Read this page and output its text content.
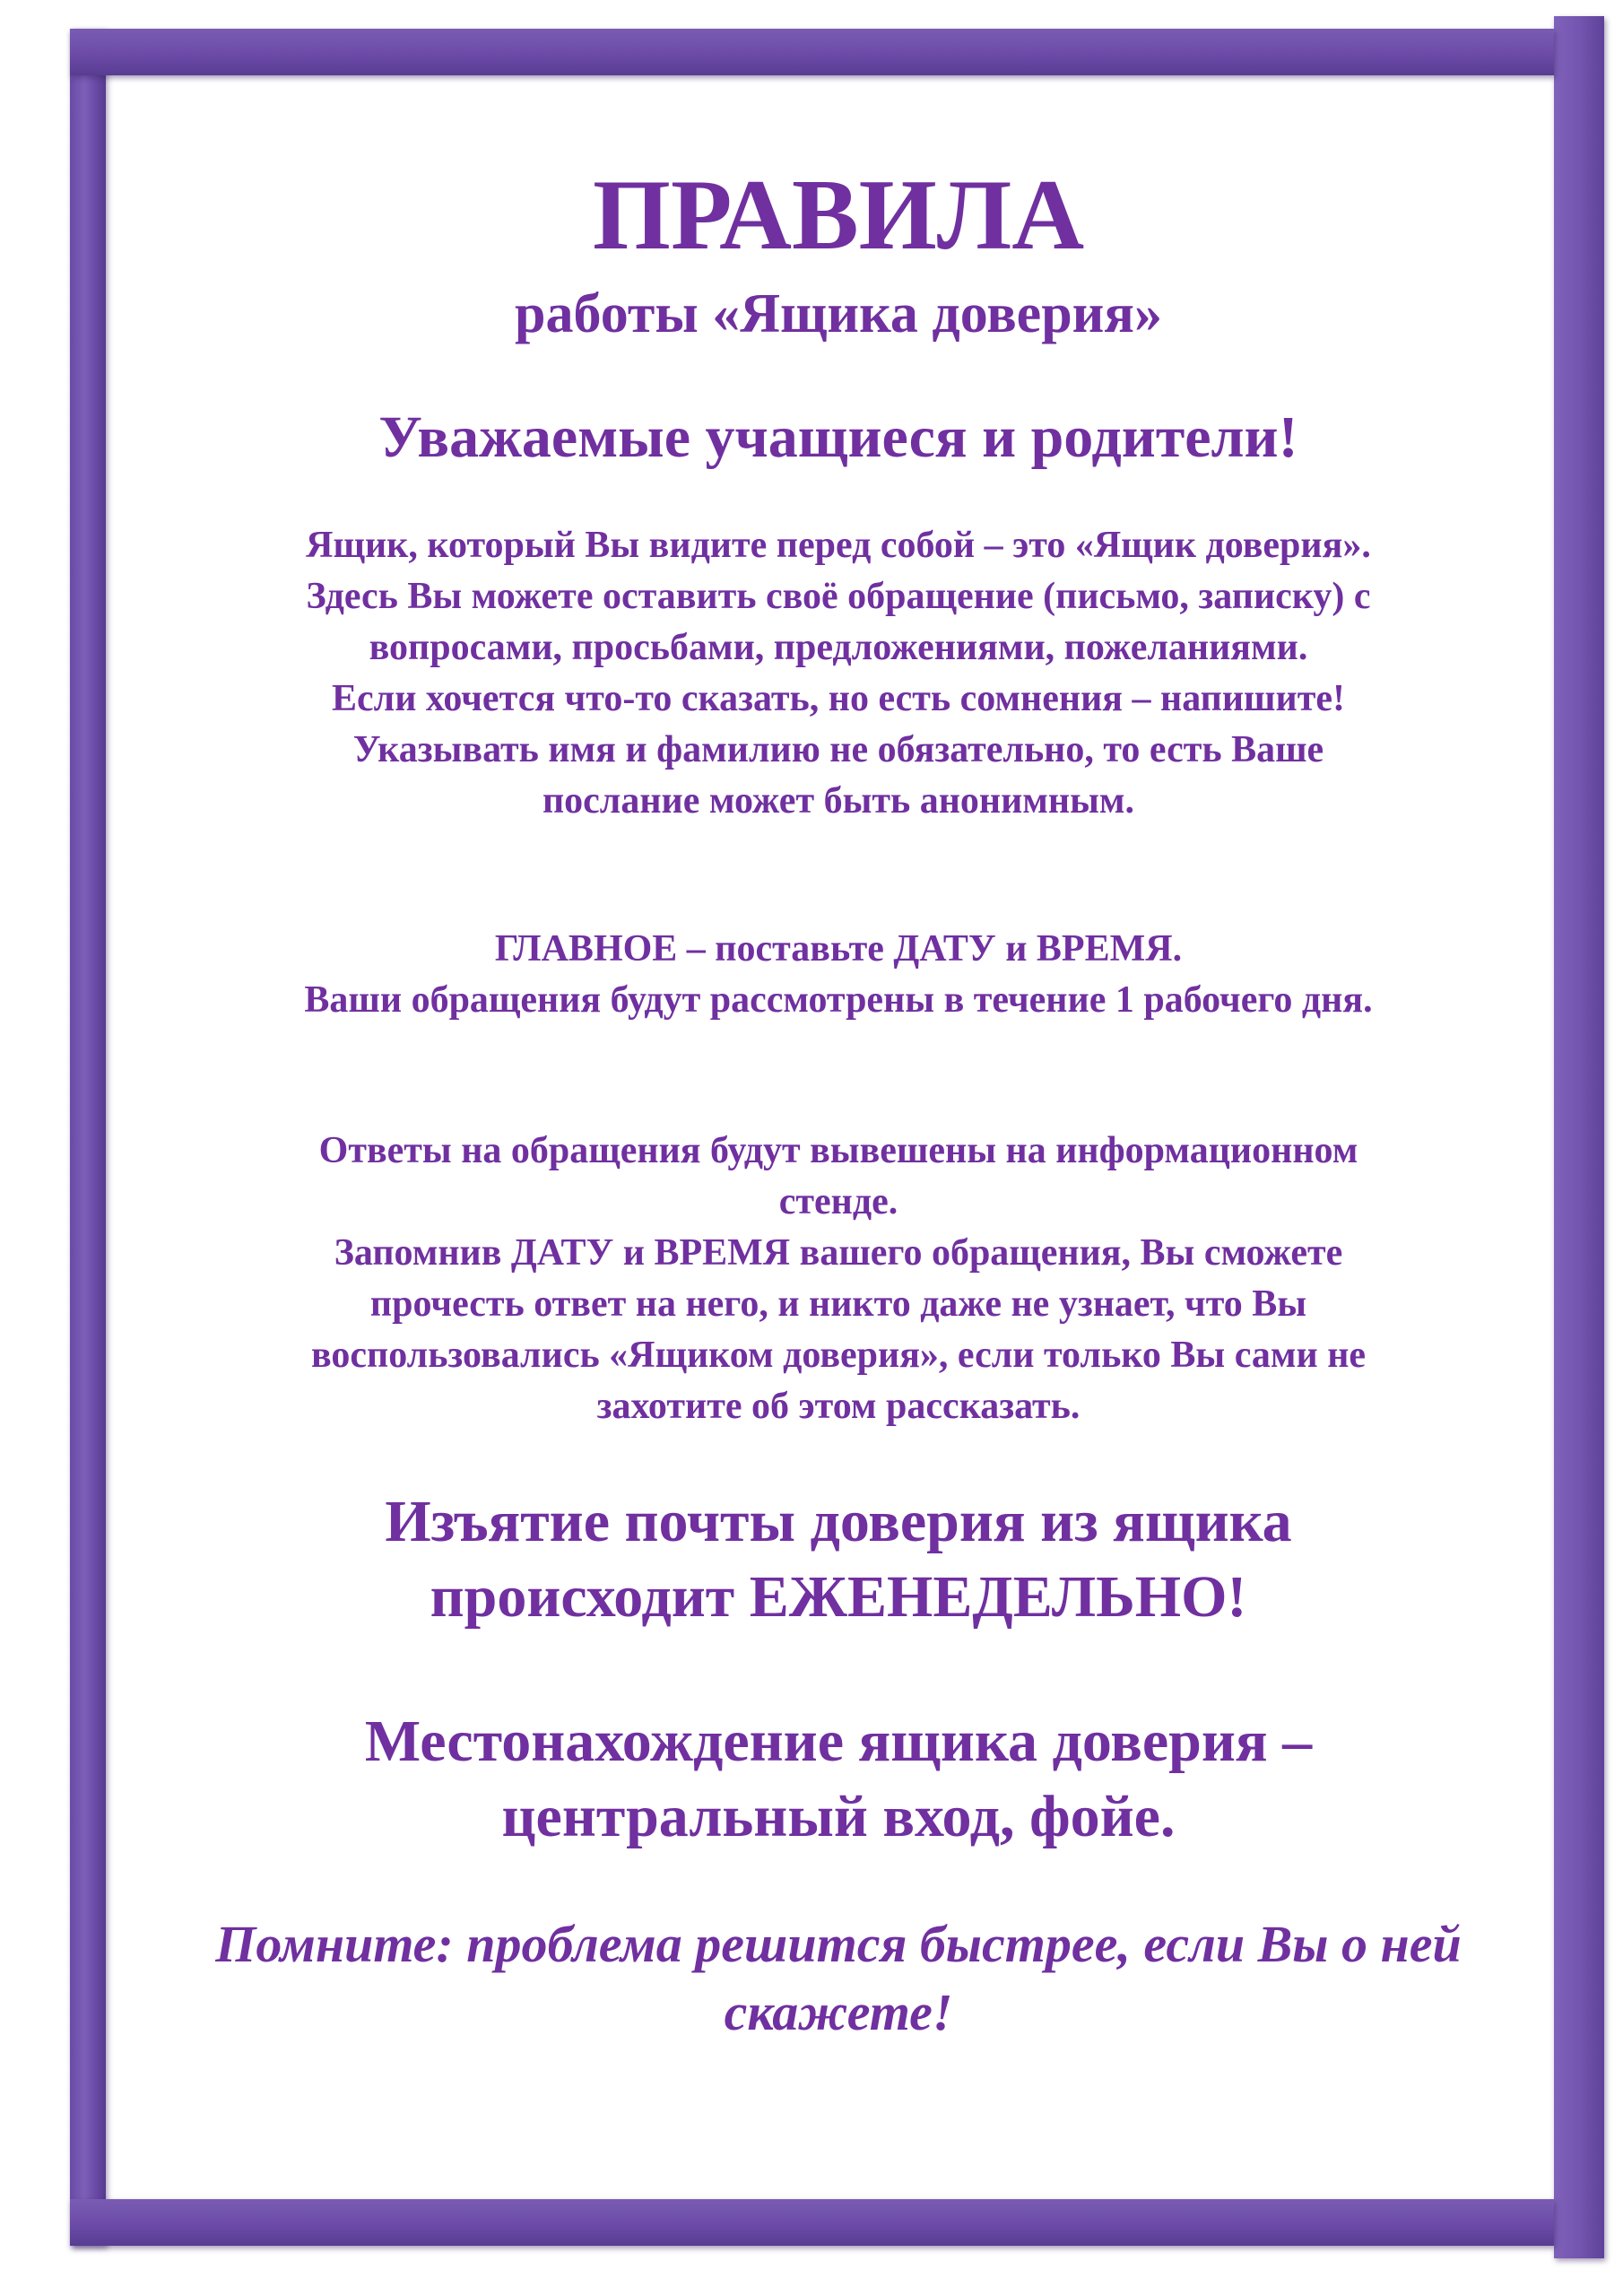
ПРАВИЛА
работы «Ящика доверия»
Уважаемые учащиеся и родители!
Ящик, который Вы видите перед собой – это «Ящик доверия».
Здесь Вы можете оставить своё обращение (письмо, записку) с
вопросами, просьбами, предложениями, пожеланиями.
Если хочется что-то сказать, но есть сомнения – напишите!
Указывать имя и фамилию не обязательно, то есть Ваше
послание может быть анонимным.
ГЛАВНОЕ – поставьте ДАТУ и ВРЕМЯ.
Ваши обращения будут рассмотрены в течение 1 рабочего дня.
Ответы на обращения будут вывешены на информационном
стенде.
Запомнив ДАТУ и ВРЕМЯ вашего обращения, Вы сможете
прочесть ответ на него, и никто даже не узнает, что Вы
воспользовались «Ящиком доверия», если только Вы сами не
захотите об этом рассказать.
Изъятие почты доверия из ящика
происходит ЕЖЕНЕДЕЛЬНО!
Местонахождение ящика доверия –
центральный вход, фойе.
Помните: проблема решится быстрее, если Вы о ней
скажете!
